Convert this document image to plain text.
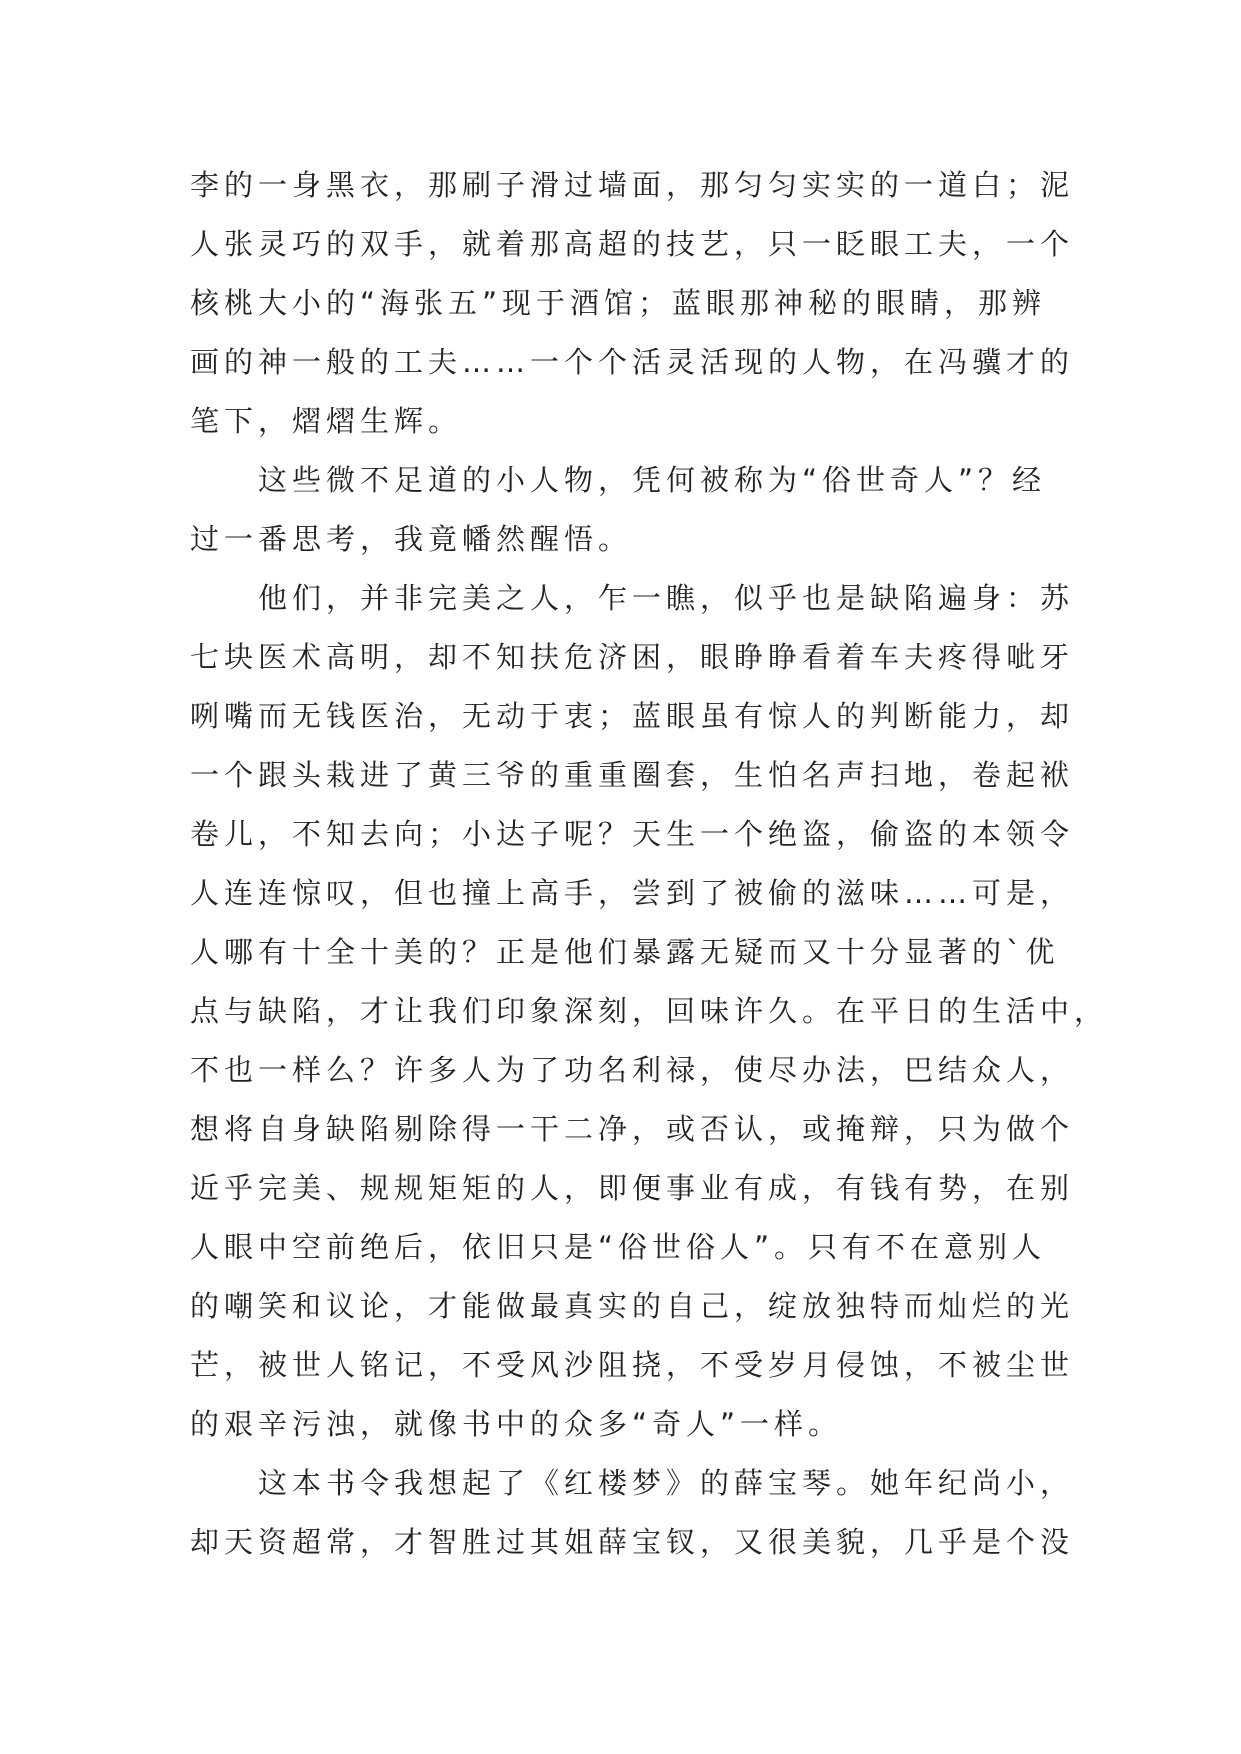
李的一身黑衣，那刷子滑过墙面，那匀匀实实的一道白；泥
人张灵巧的双手，就着那高超的技艺，只一眨眼工夫，一个
核桃大小的“海张五”现于酒馆；蓝眼那神秘的眼睛，那辨
画的神一般的工夫……一个个活灵活现的人物，在冯骥才的
笔下，熠熠生辉。
这些微不足道的小人物，凭何被称为“俗世奇人”？经
过一番思考，我竟幡然醒悟。
他们，并非完美之人，乍一瞧，似乎也是缺陷遍身：苏
七块医术高明，却不知扶危济困，眼睁睁看着车夫疼得呲牙
咧嘴而无钱医治，无动于衷；蓝眼虽有惊人的判断能力，却
一个跟头栽进了黄三爷的重重圈套，生怕名声扫地，卷起袱
卷儿，不知去向；小达子呢？天生一个绝盗，偷盗的本领令
人连连惊叹，但也撞上高手，尝到了被偷的滋味……可是，
人哪有十全十美的？正是他们暴露无疑而又十分显著的`优
点与缺陷，才让我们印象深刻，回味许久。在平日的生活中，
不也一样么？许多人为了功名利禄，使尽办法，巴结众人，
想将自身缺陷剔除得一干二净，或否认，或掩辩，只为做个
近乎完美、规规矩矩的人，即便事业有成，有钱有势，在别
人眼中空前绝后，依旧只是“俗世俗人”。只有不在意别人
的嘲笑和议论，才能做最真实的自己，绽放独特而灿烂的光
芒，被世人铭记，不受风沙阻挠，不受岁月侵蚀，不被尘世
的艰辛污浊，就像书中的众多“奇人”一样。
这本书令我想起了《红楼梦》的薛宝琴。她年纪尚小，
却天资超常，才智胜过其姐薛宝钗，又很美貌，几乎是个没
